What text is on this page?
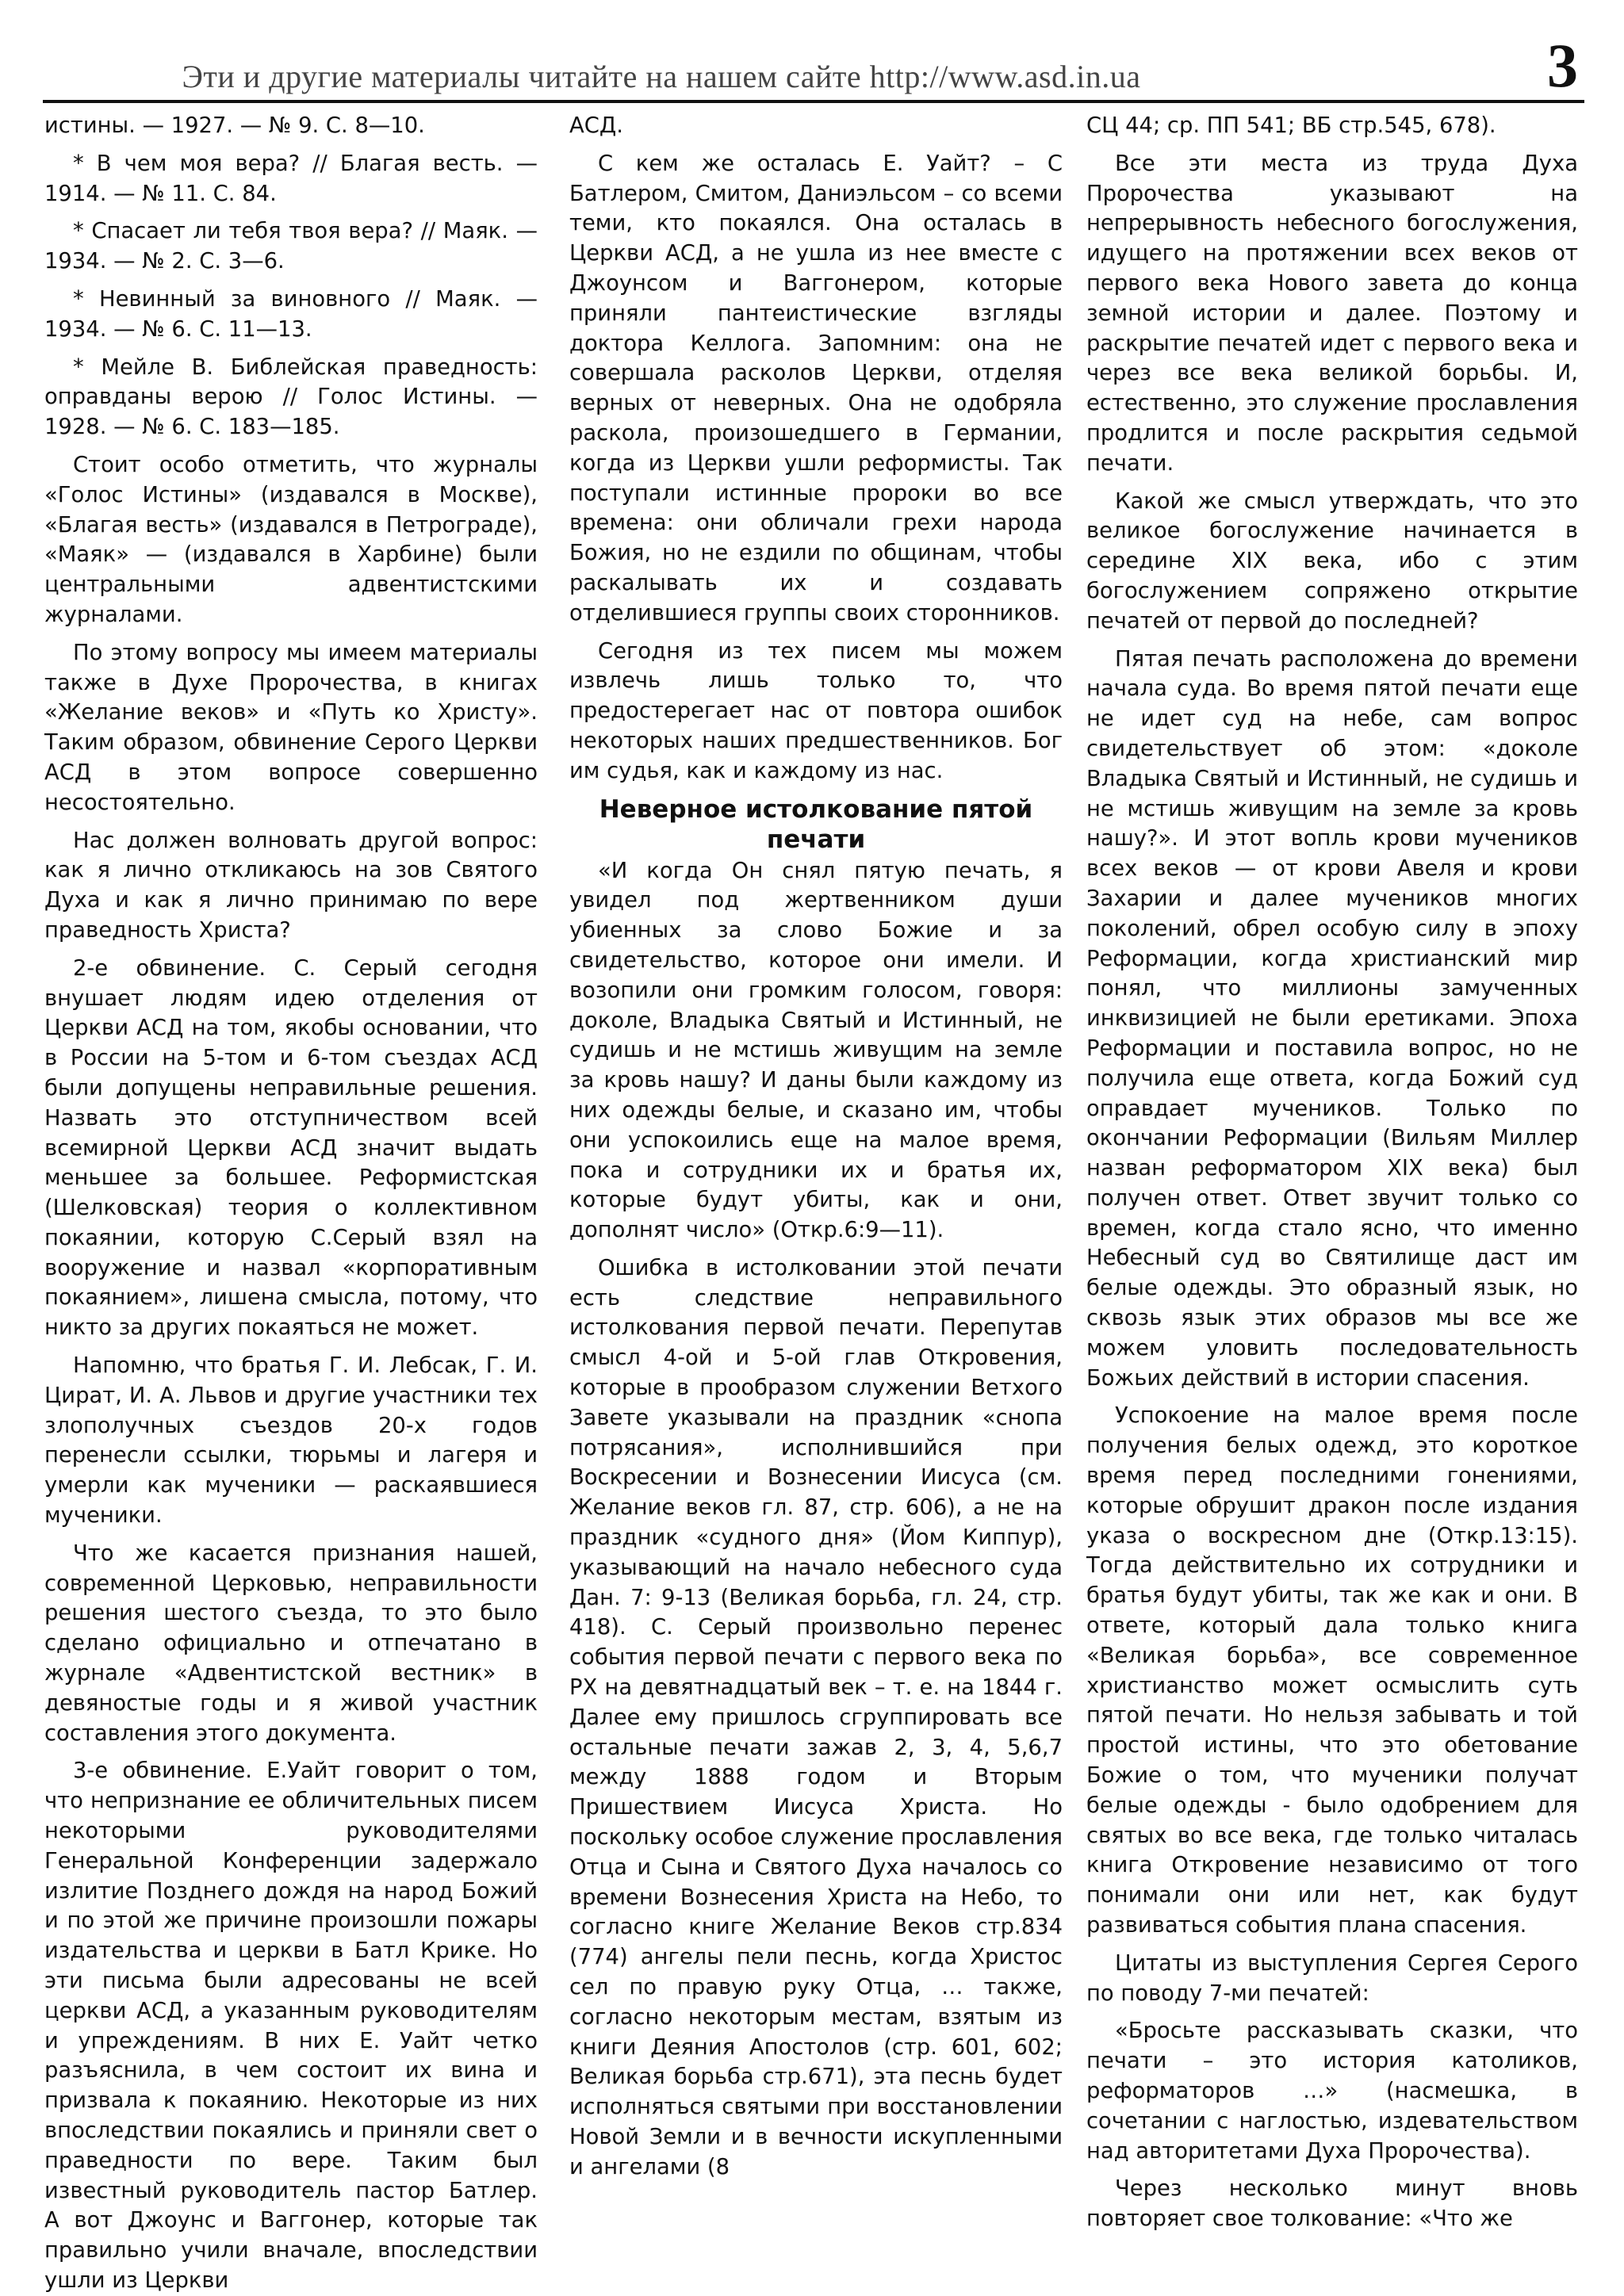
Эти и другие материалы читайте на нашем сайте http://www.asd.in.ua	3

истины. — 1927. — № 9. С. 8—10.

* В чем моя вера? // Благая весть. — 1914. — № 11. С. 84.

* Спасает ли тебя твоя вера? // Маяк. — 1934. — № 2. С. 3—6.

* Невинный за виновного // Маяк. — 1934. — № 6. С. 11—13.

* Мейле В. Библейская праведность: оправданы верою // Голос Истины. — 1928. — № 6. С. 183—185.

Стоит особо отметить, что журналы «Голос Истины» (издавался в Москве), «Благая весть» (издавался в Петрограде), «Маяк» — (издавался в Харбине) были центральными адвентистскими журналами.

По этому вопросу мы имеем материалы также в Духе Пророчества, в книгах «Желание веков» и «Путь ко Христу». Таким образом, обвинение Серого Церкви АСД в этом вопросе совершенно несостоятельно.

Нас должен волновать другой вопрос: как я лично откликаюсь на зов Святого Духа и как я лично принимаю по вере праведность Христа?

2-е обвинение. С. Серый сегодня внушает людям идею отделения от Церкви АСД на том, якобы основании, что в России на 5-том и 6-том съездах АСД были допущены неправильные решения. Назвать это отступничеством всей всемирной Церкви АСД значит выдать меньшее за большее. Реформистская (Шелковская) теория о коллективном покаянии, которую С.Серый взял на вооружение и назвал «корпоративным покаянием», лишена смысла, потому, что никто за других покаяться не может.

Напомню, что братья Г. И. Лебсак, Г. И. Цират, И. А. Львов и другие участники тех злополучных съездов 20-х годов перенесли ссылки, тюрьмы и лагеря и умерли как мученики — раскаявшиеся мученики.

Что же касается признания нашей, современной Церковью, неправильности решения шестого съезда, то это было сделано официально и отпечатано в журнале «Адвентистской вестник» в девяностые годы и я живой участник составления этого документа.

3-е обвинение. Е.Уайт говорит о том, что непризнание ее обличительных писем некоторыми руководителями Генеральной Конференции задержало излитие Позднего дождя на народ Божий и по этой же причине произошли пожары издательства и церкви в Батл Крике. Но эти письма были адресованы не всей церкви АСД, а указанным руководителям и упреждениям. В них Е. Уайт четко разъяснила, в чем состоит их вина и призвала к покаянию. Некоторые из них впоследствии покаялись и приняли свет о праведности по вере. Таким был известный руководитель пастор Батлер. А вот Джоунс и Ваггонер, которые так правильно учили вначале, впоследствии ушли из Церкви

АСД.

С кем же осталась Е. Уайт? – С Батлером, Смитом, Даниэльсом – со всеми теми, кто покаялся. Она осталась в Церкви АСД, а не ушла из нее вместе с Джоунсом и Ваггонером, которые приняли пантеистические взгляды доктора Келлога. Запомним: она не совершала расколов Церкви, отделяя верных от неверных. Она не одобряла раскола, произошедшего в Германии, когда из Церкви ушли реформисты. Так поступали истинные пророки во все времена: они обличали грехи народа Божия, но не ездили по общинам, чтобы раскалывать их и создавать отделившиеся группы своих сторонников.

Сегодня из тех писем мы можем извлечь лишь только то, что предостерегает нас от повтора ошибок некоторых наших предшественников. Бог им судья, как и каждому из нас.

Неверное истолкование пятой
печати

«И когда Он снял пятую печать, я увидел под жертвенником души убиенных за слово Божие и за свидетельство, которое они имели. И возопили они громким голосом, говоря: доколе, Владыка Святый и Истинный, не судишь и не мстишь живущим на земле за кровь нашу? И даны были каждому из них одежды белые, и сказано им, чтобы они успокоились еще на малое время, пока и сотрудники их и братья их, которые будут убиты, как и они, дополнят число» (Откр.6:9—11).

Ошибка в истолковании этой печати есть следствие неправильного истолкования первой печати. Перепутав смысл 4-ой и 5-ой глав Откровения, которые в прообразом служении Ветхого Завете указывали на праздник «снопа потрясания», исполнившийся при Воскресении и Вознесении Иисуса (см. Желание веков гл. 87, стр. 606), а не на праздник «судного дня» (Йом Киппур), указывающий на начало небесного суда Дан. 7: 9-13 (Великая борьба, гл. 24, стр. 418). С. Серый произвольно перенес события первой печати с первого века по РХ на девятнадцатый век – т. е. на 1844 г. Далее ему пришлось сгруппировать все остальные печати зажав 2, 3, 4, 5,6,7 между 1888 годом и Вторым Пришествием Иисуса Христа. Но поскольку особое служение прославления Отца и Сына и Святого Духа началось со времени Вознесения Христа на Небо, то согласно книге Желание Веков стр.834 (774) ангелы пели песнь, когда Христос сел по правую руку Отца, … также, согласно некоторым местам, взятым из книги Деяния Апостолов (стр. 601, 602; Великая борьба стр.671), эта песнь будет исполняться святыми при восстановлении Новой Земли и в вечности искупленными и ангелами (8

СЦ 44; ср. ПП 541; ВБ стр.545, 678).

Все эти места из труда Духа Пророчества указывают на непрерывность небесного богослужения, идущего на протяжении всех веков от первого века Нового завета до конца земной истории и далее. Поэтому и раскрытие печатей идет с первого века и через все века великой борьбы. И, естественно, это служение прославления продлится и после раскрытия седьмой печати.

Какой же смысл утверждать, что это великое богослужение начинается в середине XIX века, ибо с этим богослужением сопряжено открытие печатей от первой до последней?

Пятая печать расположена до времени начала суда. Во время пятой печати еще не идет суд на небе, сам вопрос свидетельствует об этом: «доколе Владыка Святый и Истинный, не судишь и не мстишь живущим на земле за кровь нашу?». И этот вопль крови мучеников всех веков — от крови Авеля и крови Захарии и далее мучеников многих поколений, обрел особую силу в эпоху Реформации, когда христианский мир понял, что миллионы замученных инквизицией не были еретиками. Эпоха Реформации и поставила вопрос, но не получила еще ответа, когда Божий суд оправдает мучеников. Только по окончании Реформации (Вильям Миллер назван реформатором XIX века) был получен ответ. Ответ звучит только со времен, когда стало ясно, что именно Небесный суд во Святилище даст им белые одежды. Это образный язык, но сквозь язык этих образов мы все же можем уловить последовательность Божьих действий в истории спасения.

Успокоение на малое время после получения белых одежд, это короткое время перед последними гонениями, которые обрушит дракон после издания указа о воскресном дне (Откр.13:15). Тогда действительно их сотрудники и братья будут убиты, так же как и они. В ответе, который дала только книга «Великая борьба», все современное христианство может осмыслить суть пятой печати. Но нельзя забывать и той простой истины, что это обетование Божие о том, что мученики получат белые одежды - было одобрением для святых во все века, где только читалась книга Откровение независимо от того понимали они или нет, как будут развиваться события плана спасения.

Цитаты из выступления Сергея Серого по поводу 7-ми печатей:

«Бросьте рассказывать сказки, что печати – это история католиков, реформаторов …» (насмешка, в сочетании с наглостью, издевательством над авторитетами Духа Пророчества).

Через несколько минут вновь повторяет свое толкование: «Что же
